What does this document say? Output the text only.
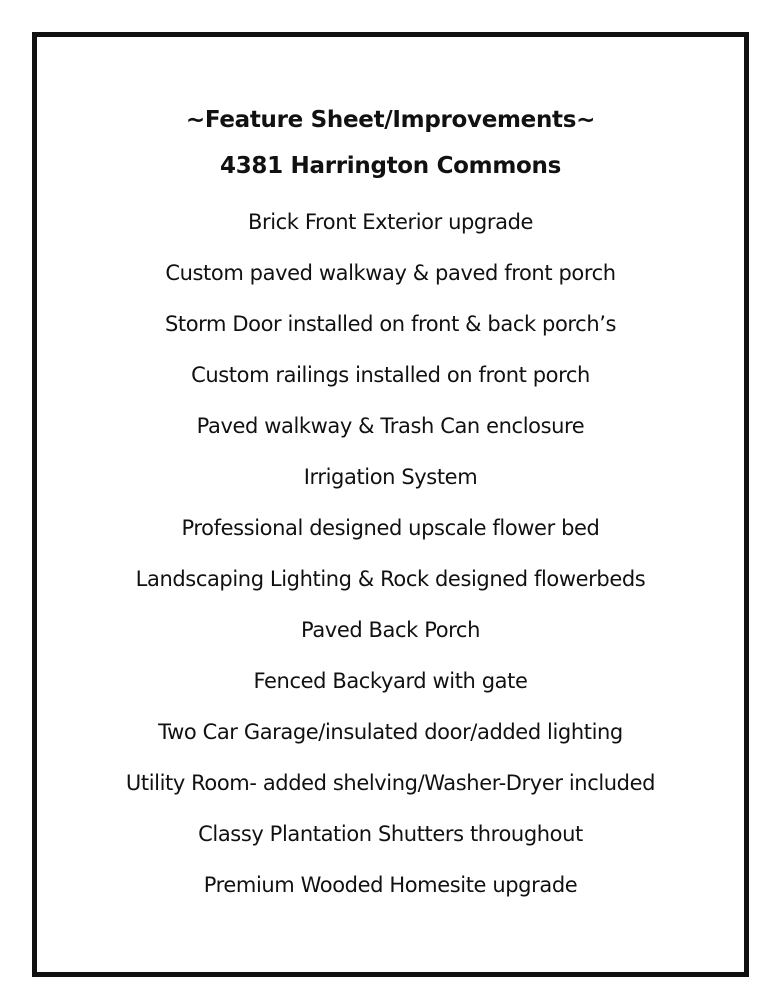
~Feature Sheet/Improvements~
4381 Harrington Commons
Brick Front Exterior upgrade
Custom paved walkway & paved front porch
Storm Door installed on front & back porch’s
Custom railings installed on front porch
Paved walkway & Trash Can enclosure
Irrigation System
Professional designed upscale flower bed
Landscaping Lighting & Rock designed flowerbeds
Paved Back Porch
Fenced Backyard with gate
Two Car Garage/insulated door/added lighting
Utility Room- added shelving/Washer-Dryer included
Classy Plantation Shutters throughout
Premium Wooded Homesite upgrade
